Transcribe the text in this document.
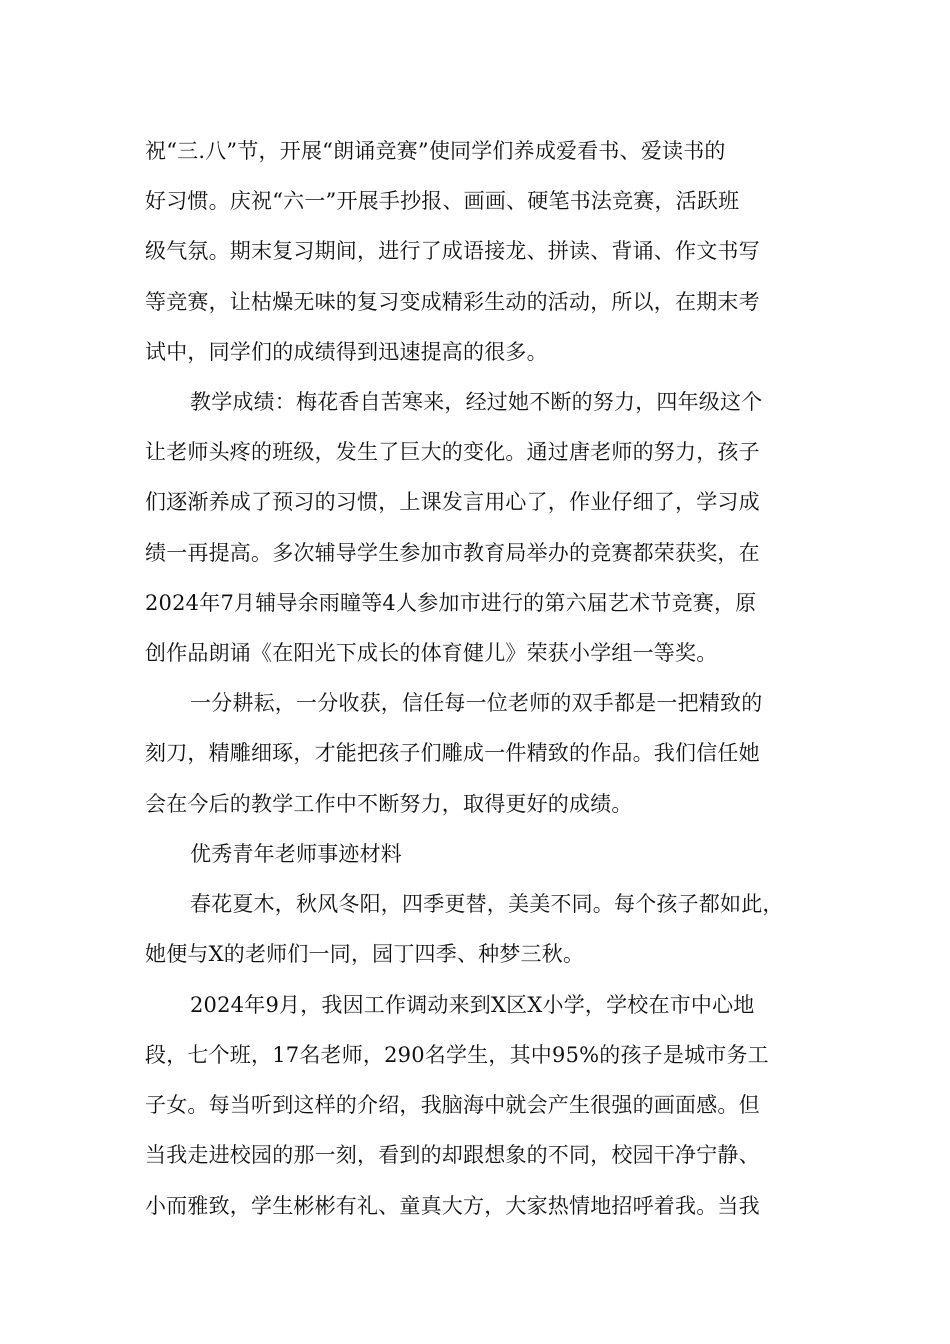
祝“三.八”节，开展“朗诵竞赛”使同学们养成爱看书、爱读书的
好习惯。庆祝“六一”开展手抄报、画画、硬笔书法竞赛，活跃班
级气氛。期末复习期间，进行了成语接龙、拼读、背诵、作文书写
等竞赛，让枯燥无味的复习变成精彩生动的活动，所以，在期末考
试中，同学们的成绩得到迅速提高的很多。
教学成绩：梅花香自苦寒来，经过她不断的努力，四年级这个
让老师头疼的班级，发生了巨大的变化。通过唐老师的努力，孩子
们逐渐养成了预习的习惯，上课发言用心了，作业仔细了，学习成
绩一再提高。多次辅导学生参加市教育局举办的竞赛都荣获奖，在
2024年7月辅导余雨瞳等4人参加市进行的第六届艺术节竞赛，原
创作品朗诵《在阳光下成长的体育健儿》荣获小学组一等奖。
一分耕耘，一分收获，信任每一位老师的双手都是一把精致的
刻刀，精雕细琢，才能把孩子们雕成一件精致的作品。我们信任她
会在今后的教学工作中不断努力，取得更好的成绩。
优秀青年老师事迹材料
春花夏木，秋风冬阳，四季更替，美美不同。每个孩子都如此，
她便与X的老师们一同，园丁四季、种梦三秋。
2024年9月，我因工作调动来到X区X小学，学校在市中心地
段，七个班，17名老师，290名学生，其中95%的孩子是城市务工
子女。每当听到这样的介绍，我脑海中就会产生很强的画面感。但
当我走进校园的那一刻，看到的却跟想象的不同，校园干净宁静、
小而雅致，学生彬彬有礼、童真大方，大家热情地招呼着我。当我
